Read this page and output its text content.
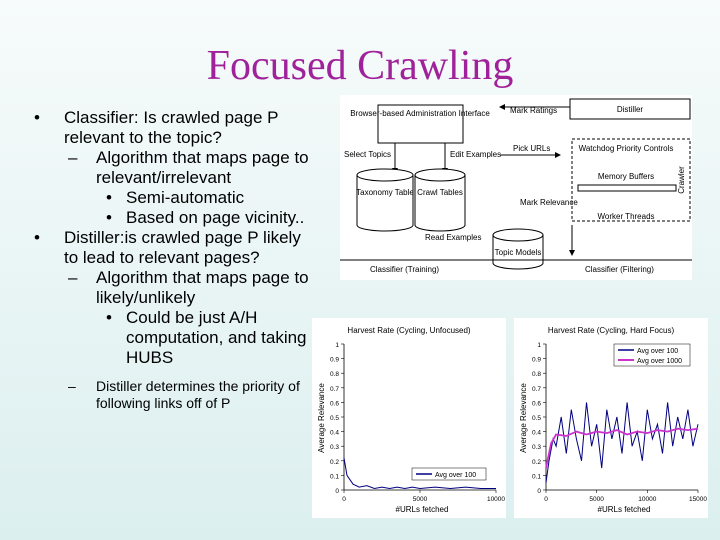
Focused Crawling
• Classifier: Is crawled page P relevant to the topic?
– Algorithm that maps page to relevant/irrelevant
• Semi-automatic
• Based on page vicinity..
• Distiller:is crawled page P likely to lead to relevant pages?
– Algorithm that maps page to likely/unlikely
• Could be just A/H computation, and taking HUBS
– Distiller determines the priority of following links off of P
Browser-based Administration Interface	Mark Ratings	Distiller
Select Topics	Edit Examples
Pick URLs
Crawler
Watchdog Priority Controls
Memory Buffers
Worker Threads
Taxonomy Table Crawl Tables
Mark Relevance
Read Examples
Topic Models
Classifier (Training)	Classifier (Filtering)
Harvest Rate (Cycling, Unfocused)
Average Relevance
#URLs fetched
0
0.1
0.2
0.3
0.4
0.5
0.6
0.7
0.8
0.9
1
0	5000	10000
Avg over 100
Harvest Rate (Cycling, Hard Focus)
Average Relevance
#URLs fetched
0
0.1
0.2
0.3
0.4
0.5
0.6
0.7
0.8
0.9
1
0	5000	10000	15000
Avg over 100
Avg over 1000
